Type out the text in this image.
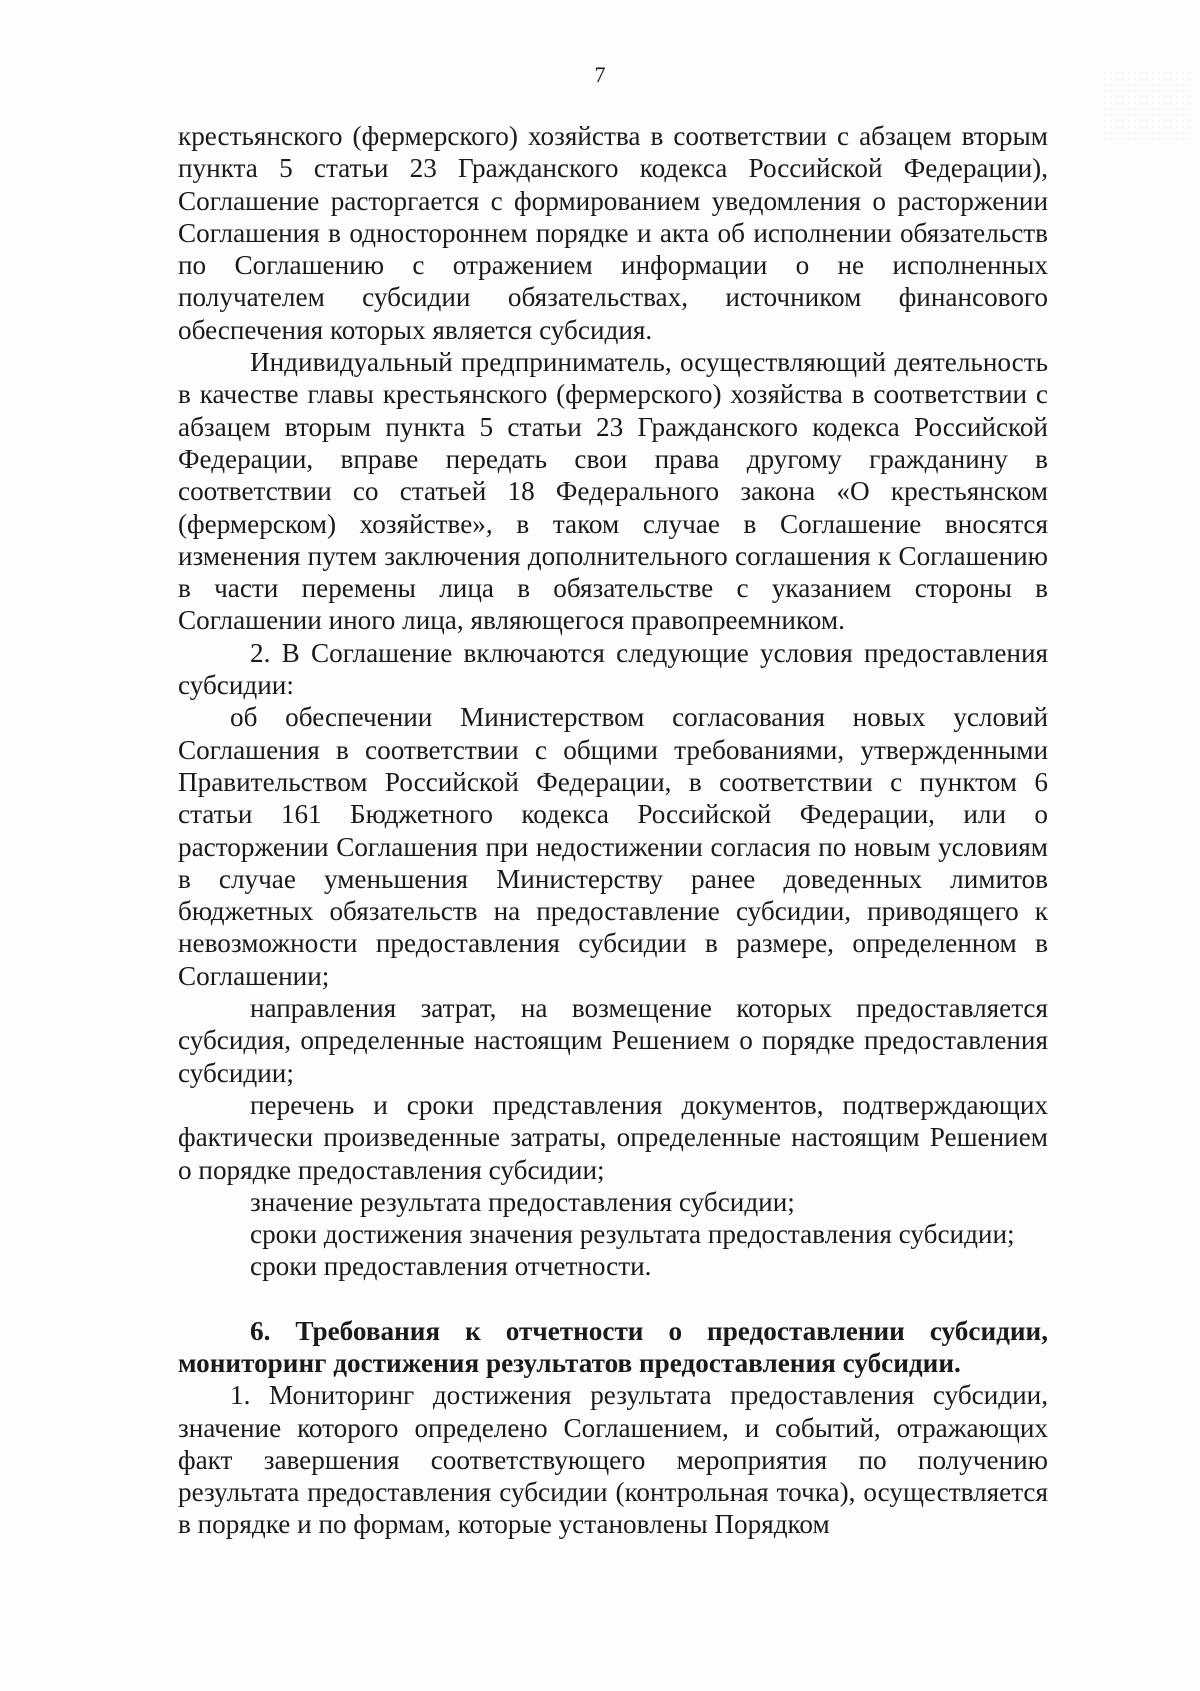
7

крестьянского (фермерского) хозяйства в соответствии с абзацем вторым пункта 5 статьи 23 Гражданского кодекса Российской Федерации), Соглашение расторгается с формированием уведомления о расторжении Соглашения в одностороннем порядке и акта об исполнении обязательств по Соглашению с отражением информации о не исполненных получателем субсидии обязательствах, источником финансового обеспечения которых является субсидия.

Индивидуальный предприниматель, осуществляющий деятельность в качестве главы крестьянского (фермерского) хозяйства в соответствии с абзацем вторым пункта 5 статьи 23 Гражданского кодекса Российской Федерации, вправе передать свои права другому гражданину в соответствии со статьей 18 Федерального закона «О крестьянском (фермерском) хозяйстве», в таком случае в Соглашение вносятся изменения путем заключения дополнительного соглашения к Соглашению в части перемены лица в обязательстве с указанием стороны в Соглашении иного лица, являющегося правопреемником.

2. В Соглашение включаются следующие условия предоставления субсидии:

об обеспечении Министерством согласования новых условий Соглашения в соответствии с общими требованиями, утвержденными Правительством Российской Федерации, в соответствии с пунктом 6 статьи 161 Бюджетного кодекса Российской Федерации, или о расторжении Соглашения при недостижении согласия по новым условиям в случае уменьшения Министерству ранее доведенных лимитов бюджетных обязательств на предоставление субсидии, приводящего к невозможности предоставления субсидии в размере, определенном в Соглашении;

направления затрат, на возмещение которых предоставляется субсидия, определенные настоящим Решением о порядке предоставления субсидии;

перечень и сроки представления документов, подтверждающих фактически произведенные затраты, определенные настоящим Решением о порядке предоставления субсидии;

значение результата предоставления субсидии;

сроки достижения значения результата предоставления субсидии;

сроки предоставления отчетности.

6. Требования к отчетности о предоставлении субсидии, мониторинг достижения результатов предоставления субсидии.

1. Мониторинг достижения результата предоставления субсидии, значение которого определено Соглашением, и событий, отражающих факт завершения соответствующего мероприятия по получению результата предоставления субсидии (контрольная точка), осуществляется в порядке и по формам, которые установлены Порядком
